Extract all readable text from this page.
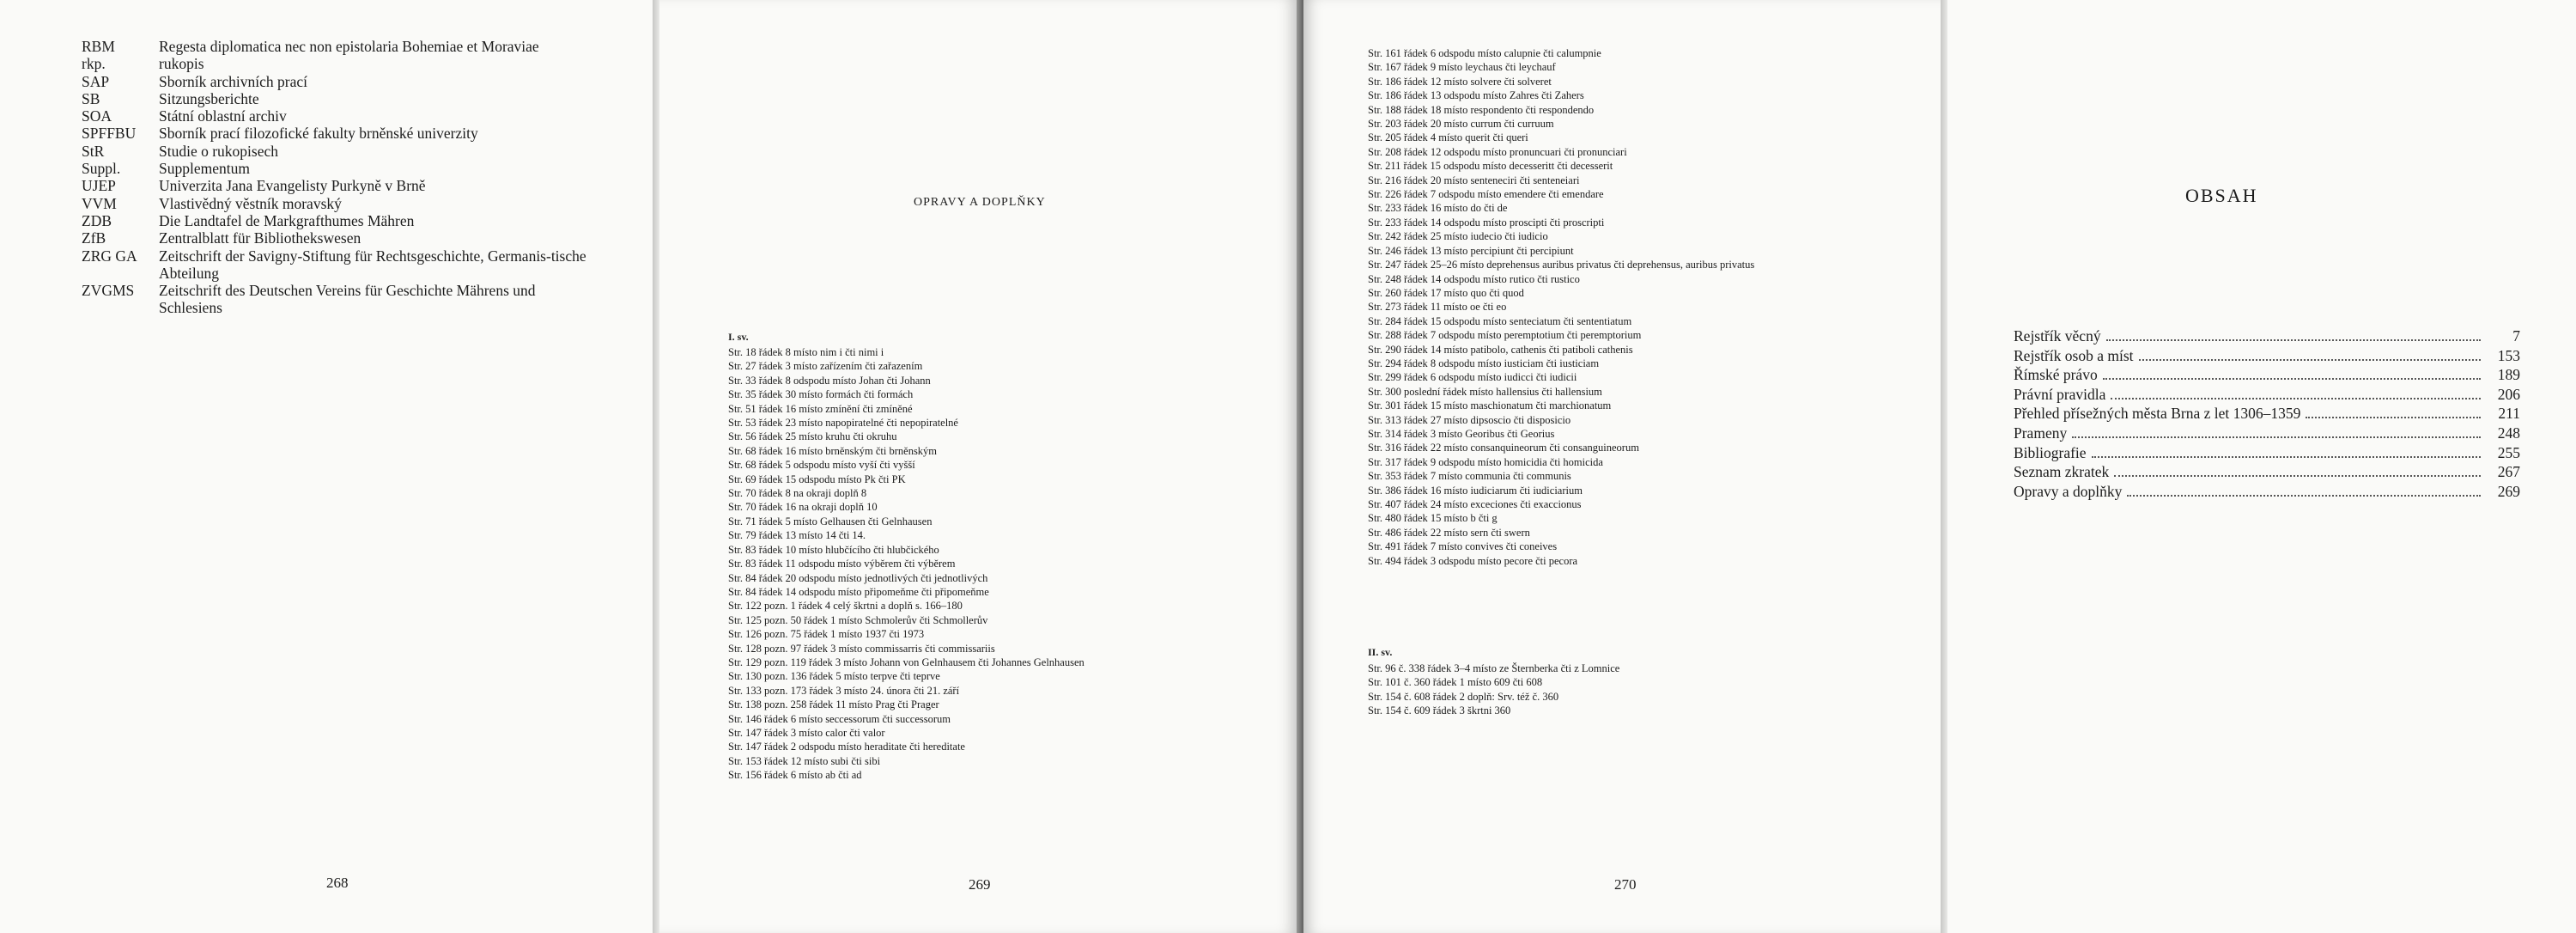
RBM	Regesta diplomatica nec non epistolaria Bohemiae et Moraviae
rkp.	rukopis
SAP	Sborník archivních prací
SB	Sitzungsberichte
SOA	Státní oblastní archiv
SPFFBU	Sborník prací filozofické fakulty brněnské univerzity
StR	Studie o rukopisech
Suppl.	Supplementum
UJEP	Univerzita Jana Evangelisty Purkyně v Brně
VVM	Vlastivědný věstník moravský
ZDB	Die Landtafel de Markgrafthumes Mähren
ZfB	Zentralblatt für Bibliothekswesen
ZRG GA	Zeitschrift der Savigny-Stiftung für Rechtsgeschichte, Germanis-tische Abteilung
ZVGMS	Zeitschrift des Deutschen Vereins für Geschichte Mährens und Schlesiens
268
OPRAVY A DOPLŇKY
I. sv.
Str. 18 řádek 8 místo nim i čti nimi i
Str. 27 řádek 3 místo zařízením čti zařazením
Str. 33 řádek 8 odspodu místo Johan čti Johann
Str. 35 řádek 30 místo formách čti formách
Str. 51 řádek 16 místo zmínění čti zmíněné
Str. 53 řádek 23 místo napopiratelné čti nepopiratelné
Str. 56 řádek 25 místo kruhu čti okruhu
Str. 68 řádek 16 místo brněnským čti brněnským
Str. 68 řádek 5 odspodu místo vyší čti vyšší
Str. 69 řádek 15 odspodu místo Pk čti PK
Str. 70 řádek 8 na okraji doplň 8
Str. 70 řádek 16 na okraji doplň 10
Str. 71 řádek 5 místo Gelhausen čti Gelnhausen
Str. 79 řádek 13 místo 14 čti 14.
Str. 83 řádek 10 místo hlubčícího čti hlubčického
Str. 83 řádek 11 odspodu místo výběrem čti výběrem
Str. 84 řádek 20 odspodu místo jednotlivých čti jednotlivých
Str. 84 řádek 14 odspodu místo připomeňme čti připomeňme
Str. 122 pozn. 1 řádek 4 celý škrtni a doplň s. 166–180
Str. 125 pozn. 50 řádek 1 místo Schmolerův čti Schmollerův
Str. 126 pozn. 75 řádek 1 místo 1937 čti 1973
Str. 128 pozn. 97 řádek 3 místo commissarris čti commissariis
Str. 129 pozn. 119 řádek 3 místo Johann von Gelnhausem čti Johannes Gelnhausen
Str. 130 pozn. 136 řádek 5 místo terpve čti teprve
Str. 133 pozn. 173 řádek 3 místo 24. února čti 21. září
Str. 138 pozn. 258 řádek 11 místo Prag čti Prager
Str. 146 řádek 6 místo seccessorum čti successorum
Str. 147 řádek 3 místo calor čti valor
Str. 147 řádek 2 odspodu místo heraditate čti hereditate
Str. 153 řádek 12 místo subi čti sibi
Str. 156 řádek 6 místo ab čti ad
269
Str. 161 řádek 6 odspodu místo calupnie čti calumpnie
Str. 167 řádek 9 místo leychaus čti leychauf
Str. 186 řádek 12 místo solvere čti solveret
Str. 186 řádek 13 odspodu místo Zahres čti Zahers
Str. 188 řádek 18 místo respondento čti respondendo
Str. 203 řádek 20 místo currum čti curruum
Str. 205 řádek 4 místo querit čti queri
Str. 208 řádek 12 odspodu místo pronuncuari čti pronunciari
Str. 211 řádek 15 odspodu místo decesseritt čti decesserit
Str. 216 řádek 20 místo senteneciri čti senteneiari
Str. 226 řádek 7 odspodu místo emendere čti emendare
Str. 233 řádek 16 místo do čti de
Str. 233 řádek 14 odspodu místo proscipti čti proscripti
Str. 242 řádek 25 místo iudecio čti iudicio
Str. 246 řádek 13 místo percipiunt čti percipiunt
Str. 247 řádek 25–26 místo deprehensus auribus privatus čti deprehensus, auribus privatus
Str. 248 řádek 14 odspodu místo rutico čti rustico
Str. 260 řádek 17 místo quo čti quod
Str. 273 řádek 11 místo oe čti eo
Str. 284 řádek 15 odspodu místo senteciatum čti sententiatum
Str. 288 řádek 7 odspodu místo peremptotium čti peremptorium
Str. 290 řádek 14 místo patibolo, cathenis čti patiboli cathenis
Str. 294 řádek 8 odspodu místo iusticiam čti iusticiam
Str. 299 řádek 6 odspodu místo iudicci čti iudicii
Str. 300 poslední řádek místo hallensius čti hallensium
Str. 301 řádek 15 místo maschionatum čti marchionatum
Str. 313 řádek 27 místo dipsoscio čti disposicio
Str. 314 řádek 3 místo Georibus čti Georius
Str. 316 řádek 22 místo consanquineorum čti consanguineorum
Str. 317 řádek 9 odspodu místo homicidia čti homicida
Str. 353 řádek 7 místo communia čti communis
Str. 386 řádek 16 místo iudiciarum čti iudiciarium
Str. 407 řádek 24 místo exceciones čti exaccionus
Str. 480 řádek 15 místo b čti g
Str. 486 řádek 22 místo sern čti swern
Str. 491 řádek 7 místo convives čti coneives
Str. 494 řádek 3 odspodu místo pecore čti pecora
II. sv.
Str. 96 č. 338 řádek 3–4 místo ze Šternberka čti z Lomnice
Str. 101 č. 360 řádek 1 místo 609 čti 608
Str. 154 č. 608 řádek 2 doplň: Srv. též č. 360
Str. 154 č. 609 řádek 3 škrtni 360
270
OBSAH
Rejstřík věcný	7
Rejstřík osob a míst	153
Římské právo	189
Právní pravidla	206
Přehled přísežných města Brna z let 1306–1359	211
Prameny	248
Bibliografie	255
Seznam zkratek	267
Opravy a doplňky	269
